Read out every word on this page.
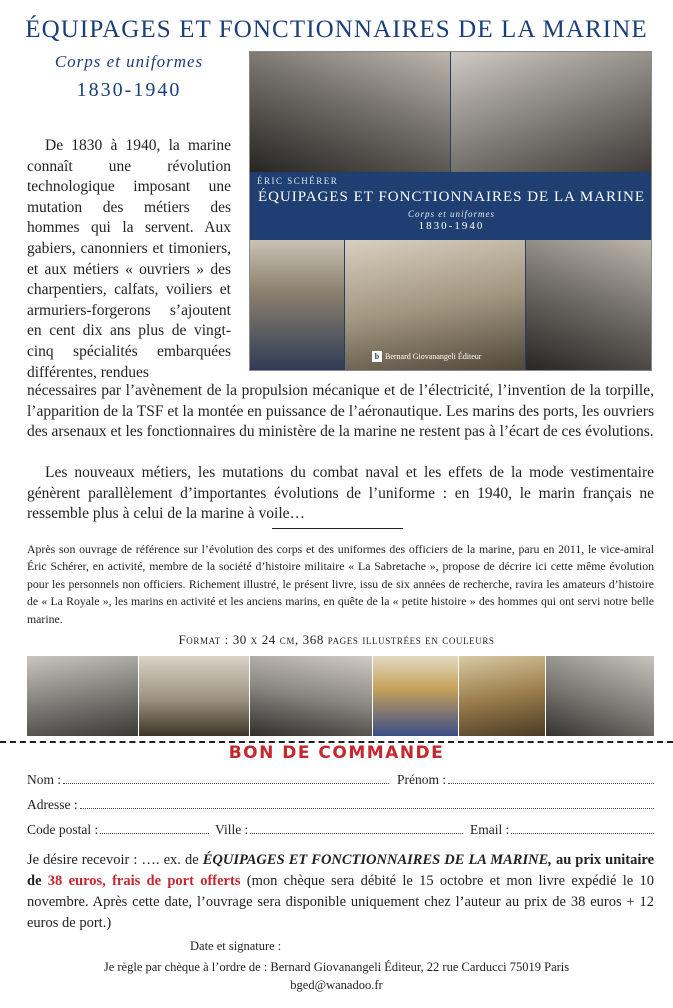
ÉQUIPAGES ET FONCTIONNAIRES DE LA MARINE
Corps et uniformes
1830-1940
ÉRIC SCHÉRER
ÉQUIPAGES ET FONCTIONNAIRES DE LA MARINE
Corps et uniformes
1830-1940
b Bernard Giovanangeli Éditeur
De 1830 à 1940, la marine connaît une révolution technologique imposant une mutation des métiers des hommes qui la servent. Aux gabiers, canonniers et timoniers, et aux métiers « ouvriers » des charpentiers, calfats, voiliers et armuriers-forgerons s’ajoutent en cent dix ans plus de vingt-cinq spécialités embarquées différentes, rendues
nécessaires par l’avènement de la propulsion mécanique et de l’électricité, l’invention de la torpille, l’apparition de la TSF et la montée en puissance de l’aéronautique. Les marins des ports, les ouvriers des arsenaux et les fonctionnaires du ministère de la marine ne restent pas à l’écart de ces évolutions.
Les nouveaux métiers, les mutations du combat naval et les effets de la mode vestimentaire génèrent parallèlement d’importantes évolutions de l’uniforme : en 1940, le marin français ne ressemble plus à celui de la marine à voile…
Après son ouvrage de référence sur l’évolution des corps et des uniformes des officiers de la marine, paru en 2011, le vice-amiral Éric Schérer, en activité, membre de la société d’histoire militaire « La Sabretache », propose de décrire ici cette même évolution pour les personnels non officiers. Richement illustré, le présent livre, issu de six années de recherche, ravira les amateurs d’histoire de « La Royale », les marins en activité et les anciens marins, en quête de la « petite histoire » des hommes qui ont servi notre belle marine.
Format : 30 x 24 cm, 368 pages illustrées en couleurs
BON DE COMMANDE
Nom :	Prénom :
Adresse :
Code postal :	Ville :	Email :
Je désire recevoir : …. ex. de ÉQUIPAGES ET FONCTIONNAIRES DE LA MARINE, au prix unitaire de 38 euros, frais de port offerts (mon chèque sera débité le 15 octobre et mon livre expédié le 10 novembre. Après cette date, l’ouvrage sera disponible uniquement chez l’auteur au prix de 38 euros + 12 euros de port.)
Date et signature :
Je règle par chèque à l’ordre de : Bernard Giovanangeli Éditeur, 22 rue Carducci 75019 Paris
bged@wanadoo.fr
